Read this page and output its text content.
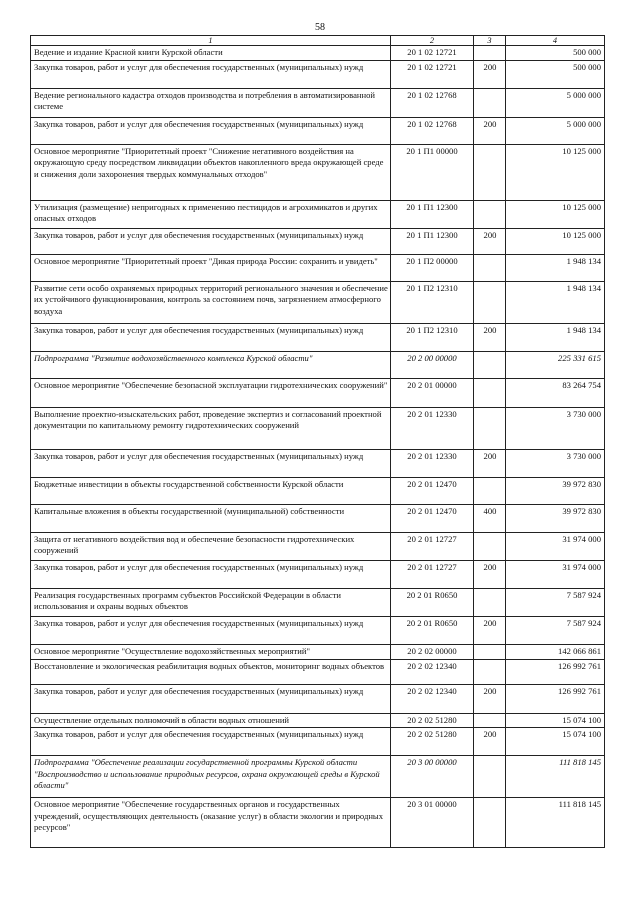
58
1	2	3	4
Ведение и издание Красной книги Курской области	20 1 02 12721		500 000
Закупка товаров, работ и услуг для обеспечения государственных (муниципальных) нужд	20 1 02 12721	200	500 000
Ведение регионального кадастра отходов производства и потребления в автоматизированной системе	20 1 02 12768		5 000 000
Закупка товаров, работ и услуг для обеспечения государственных (муниципальных) нужд	20 1 02 12768	200	5 000 000
Основное мероприятие "Приоритетный проект "Снижение негативного воздействия на окружающую среду посредством ликвидации объектов накопленного вреда окружающей среде и снижения доли захоронения твердых коммунальных отходов"	20 1 П1 00000		10 125 000
Утилизация (размещение) непригодных к применению пестицидов и агрохимикатов и других опасных отходов	20 1 П1 12300		10 125 000
Закупка товаров, работ и услуг для обеспечения государственных (муниципальных) нужд	20 1 П1 12300	200	10 125 000
Основное мероприятие "Приоритетный проект "Дикая природа России: сохранить и увидеть"	20 1 П2 00000		1 948 134
Развитие сети особо охраняемых природных территорий регионального значения и обеспечение их устойчивого функционирования, контроль за состоянием почв, загрязнением атмосферного воздуха	20 1 П2 12310		1 948 134
Закупка товаров, работ и услуг для обеспечения государственных (муниципальных) нужд	20 1 П2 12310	200	1 948 134
Подпрограмма "Развитие водохозяйственного комплекса Курской области"	20 2 00 00000		225 331 615
Основное мероприятие "Обеспечение безопасной эксплуатации гидротехнических сооружений"	20 2 01 00000		83 264 754
Выполнение проектно-изыскательских работ, проведение экспертиз и согласований проектной документации по капитальному ремонту гидротехнических сооружений	20 2 01 12330		3 730 000
Закупка товаров, работ и услуг для обеспечения государственных (муниципальных) нужд	20 2 01 12330	200	3 730 000
Бюджетные инвестиции в объекты государственной собственности Курской области	20 2 01 12470		39 972 830
Капитальные вложения в объекты государственной (муниципальной) собственности	20 2 01 12470	400	39 972 830
Защита от негативного воздействия вод и обеспечение безопасности гидротехнических сооружений	20 2 01 12727		31 974 000
Закупка товаров, работ и услуг для обеспечения государственных (муниципальных) нужд	20 2 01 12727	200	31 974 000
Реализация государственных программ субъектов Российской Федерации в области использования и охраны водных объектов	20 2 01 R0650		7 587 924
Закупка товаров, работ и услуг для обеспечения государственных (муниципальных) нужд	20 2 01 R0650	200	7 587 924
Основное мероприятие "Осуществление водохозяйственных мероприятий"	20 2 02 00000		142 066 861
Восстановление и экологическая реабилитация водных объектов, мониторинг водных объектов	20 2 02 12340		126 992 761
Закупка товаров, работ и услуг для обеспечения государственных (муниципальных) нужд	20 2 02 12340	200	126 992 761
Осуществление отдельных полномочий в области водных отношений	20 2 02 51280		15 074 100
Закупка товаров, работ и услуг для обеспечения государственных (муниципальных) нужд	20 2 02 51280	200	15 074 100
Подпрограмма "Обеспечение реализации государственной программы Курской области "Воспроизводство и использование природных ресурсов, охрана окружающей среды в Курской области"	20 3 00 00000		111 818 145
Основное мероприятие "Обеспечение государственных органов и государственных учреждений, осуществляющих деятельность (оказание услуг) в области экологии и природных ресурсов"	20 3 01 00000		111 818 145
